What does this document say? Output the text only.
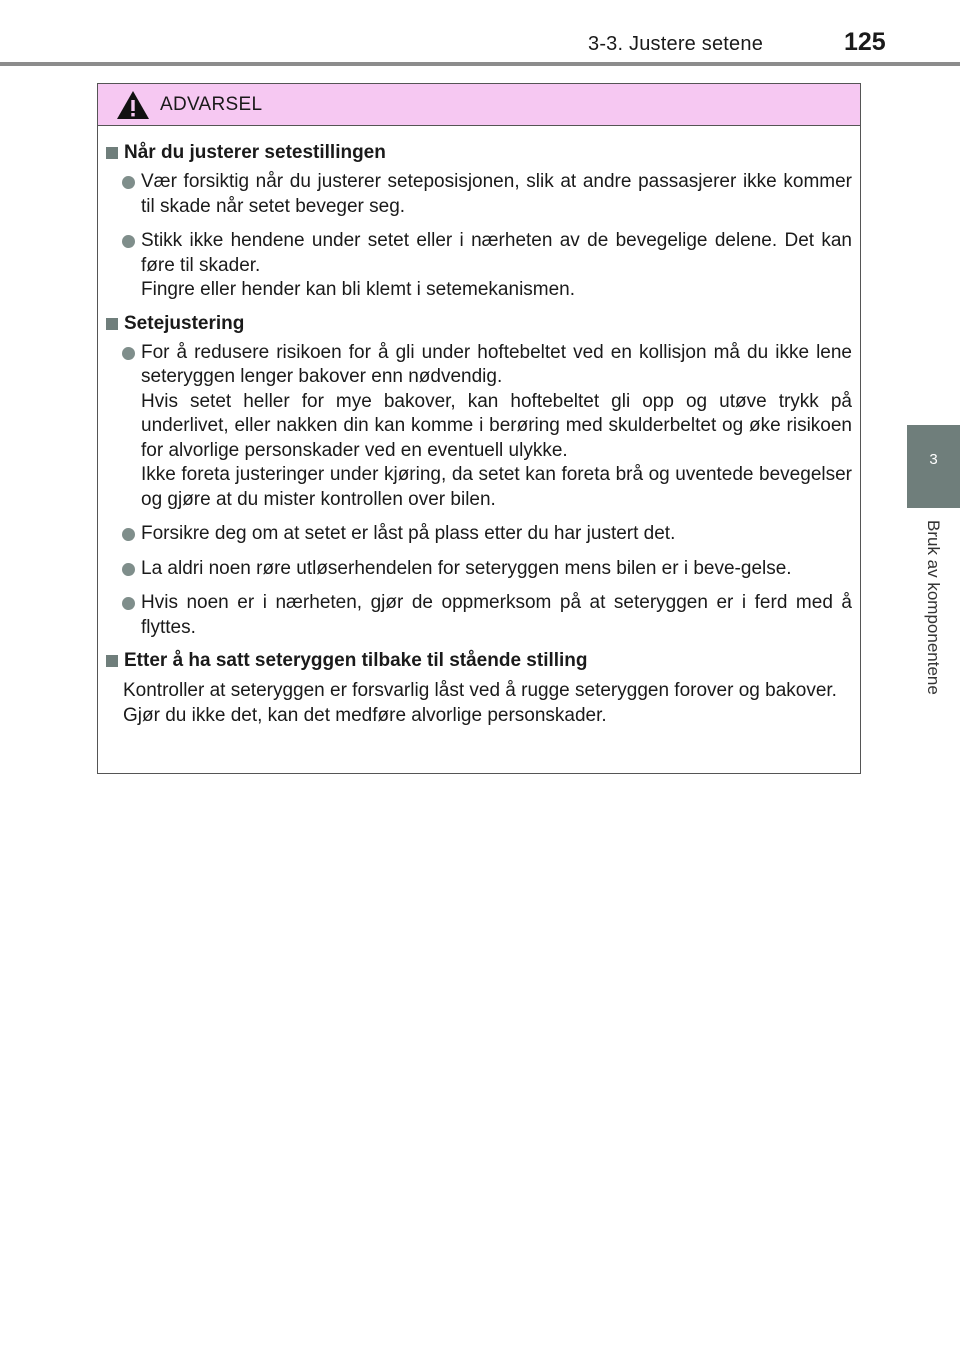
3-3. Justere setene	125
3
Bruk av komponentene
ADVARSEL
Når du justerer setestillingen
Vær forsiktig når du justerer seteposisjonen, slik at andre passasjerer ikke kommer til skade når setet beveger seg.
Stikk ikke hendene under setet eller i nærheten av de bevegelige delene. Det kan føre til skader.
Fingre eller hender kan bli klemt i setemekanismen.
Setejustering
For å redusere risikoen for å gli under hoftebeltet ved en kollisjon må du ikke lene seteryggen lenger bakover enn nødvendig.
Hvis setet heller for mye bakover, kan hoftebeltet gli opp og utøve trykk på underlivet, eller nakken din kan komme i berøring med skulderbeltet og øke risikoen for alvorlige personskader ved en eventuell ulykke.
Ikke foreta justeringer under kjøring, da setet kan foreta brå og uventede bevegelser og gjøre at du mister kontrollen over bilen.
Forsikre deg om at setet er låst på plass etter du har justert det.
La aldri noen røre utløserhendelen for seteryggen mens bilen er i beve-gelse.
Hvis noen er i nærheten, gjør de oppmerksom på at seteryggen er i ferd med å flyttes.
Etter å ha satt seteryggen tilbake til stående stilling
Kontroller at seteryggen er forsvarlig låst ved å rugge seteryggen forover og bakover. Gjør du ikke det, kan det medføre alvorlige personskader.
